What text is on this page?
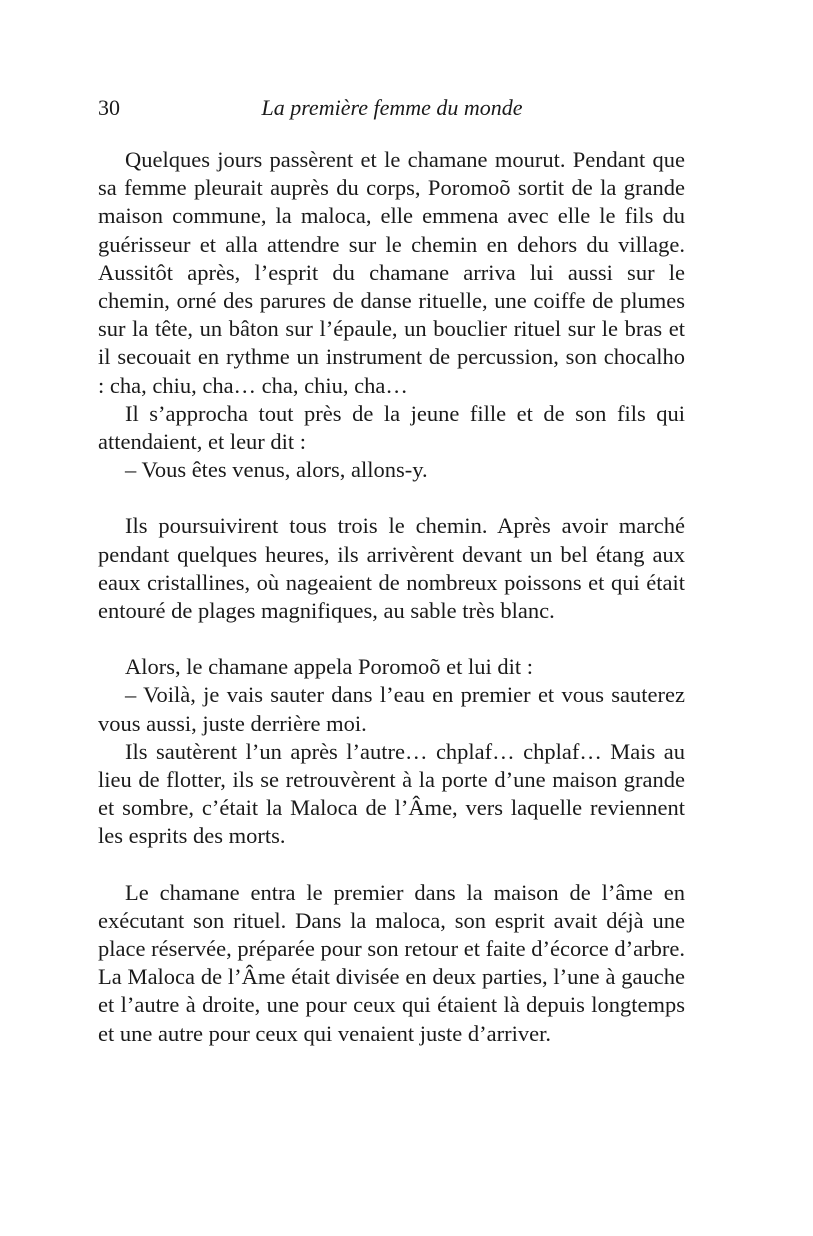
30	La première femme du monde

Quelques jours passèrent et le chamane mourut. Pendant que sa femme pleurait auprès du corps, Poromoõ sortit de la grande maison commune, la maloca, elle emmena avec elle le fils du guérisseur et alla attendre sur le chemin en dehors du village. Aussitôt après, l’esprit du chamane arriva lui aussi sur le chemin, orné des parures de danse rituelle, une coiffe de plumes sur la tête, un bâton sur l’épaule, un bouclier rituel sur le bras et il secouait en rythme un instrument de percussion, son chocalho : cha, chiu, cha… cha, chiu, cha…

Il s’approcha tout près de la jeune fille et de son fils qui attendaient, et leur dit :

– Vous êtes venus, alors, allons-y.

Ils poursuivirent tous trois le chemin. Après avoir marché pendant quelques heures, ils arrivèrent devant un bel étang aux eaux cristallines, où nageaient de nombreux poissons et qui était entouré de plages magnifiques, au sable très blanc.

Alors, le chamane appela Poromoõ et lui dit :

– Voilà, je vais sauter dans l’eau en premier et vous sauterez vous aussi, juste derrière moi.

Ils sautèrent l’un après l’autre… chplaf… chplaf… Mais au lieu de flotter, ils se retrouvèrent à la porte d’une maison grande et sombre, c’était la Maloca de l’Âme, vers laquelle reviennent les esprits des morts.

Le chamane entra le premier dans la maison de l’âme en exécutant son rituel. Dans la maloca, son esprit avait déjà une place réservée, préparée pour son retour et faite d’écorce d’arbre. La Maloca de l’Âme était divisée en deux parties, l’une à gauche et l’autre à droite, une pour ceux qui étaient là depuis longtemps et une autre pour ceux qui venaient juste d’arriver.
